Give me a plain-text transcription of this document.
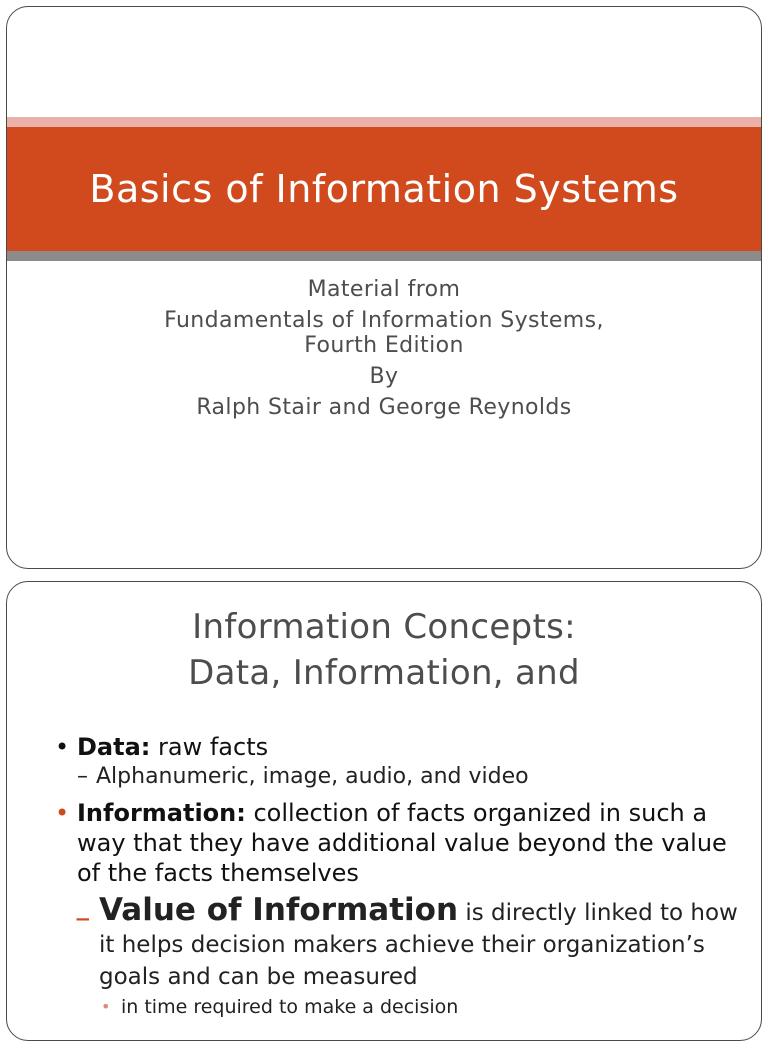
Basics of Information Systems
Material from
Fundamentals of Information Systems,
Fourth Edition
By
Ralph Stair and George Reynolds
Information Concepts:
Data, Information, and
• Data: raw facts
– Alphanumeric, image, audio, and video
• Information: collection of facts organized in such a way that they have additional value beyond the value of the facts themselves
– Value of Information is directly linked to how it helps decision makers achieve their organization’s goals and can be measured
• in time required to make a decision
